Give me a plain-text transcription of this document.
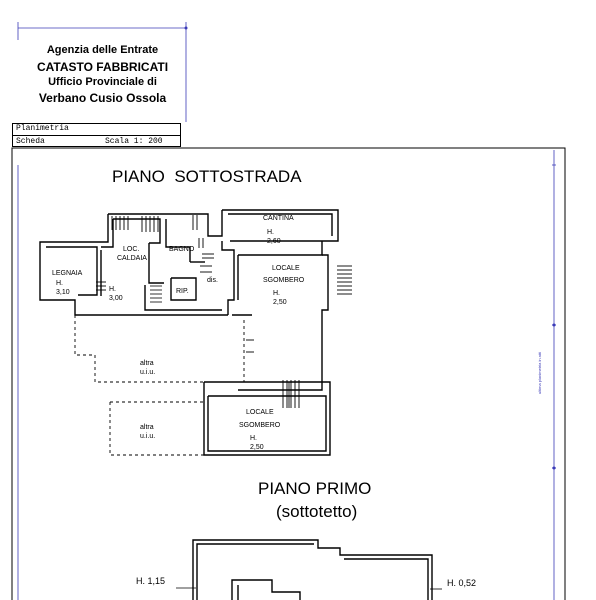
Agenzia delle Entrate
CATASTO FABBRICATI
Ufficio Provinciale di
Verbano Cusio Ossola
Planimetria
Scheda	Scala 1: 200
PIANO  SOTTOSTRADA
PIANO PRIMO
(sottotetto)
CANTINA
H. 2,60
BAGNO
LOC.
CALDAIA
LEGNAIA
H. 3,10	H. 3,00
dis.
RIP.
LOCALE
SGOMBERO
H. 2,50
altra u.i.u.
altra u.i.u.
LOCALE
SGOMBERO
H. 2,50
H. 1,15	H. 0,52
ultima planimetria in atti
